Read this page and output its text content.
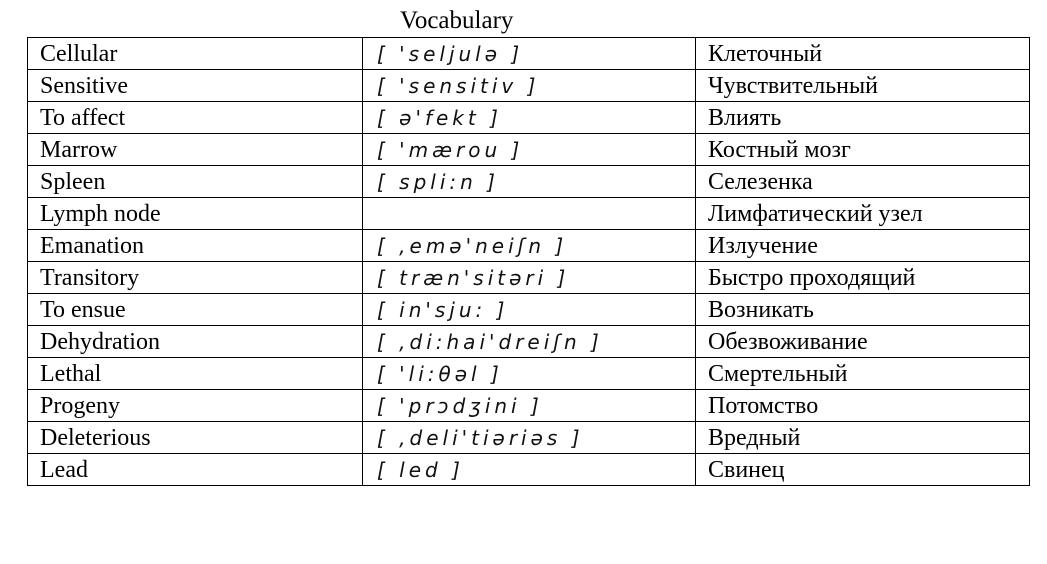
Vocabulary
Cellular	[ 'seljulə ]	Клеточный
Sensitive	[ 'sensitiv ]	Чувствительный
To affect	[ ə'fekt ]	Влиять
Marrow	[ 'mærou ]	Костный мозг
Spleen	[ spli:n ]	Селезенка
Lymph node		Лимфатический узел
Emanation	[ ,emə'neiʃn ]	Излучение
Transitory	[ træn'sitəri ]	Быстро проходящий
To ensue	[ in'sju: ]	Возникать
Dehydration	[ ,di:hai'dreiʃn ]	Обезвоживание
Lethal	[ 'li:θəl ]	Смертельный
Progeny	[ 'prɔdʒini ]	Потомство
Deleterious	[ ,deli'tiəriəs ]	Вредный
Lead	[ led ]	Свинец
